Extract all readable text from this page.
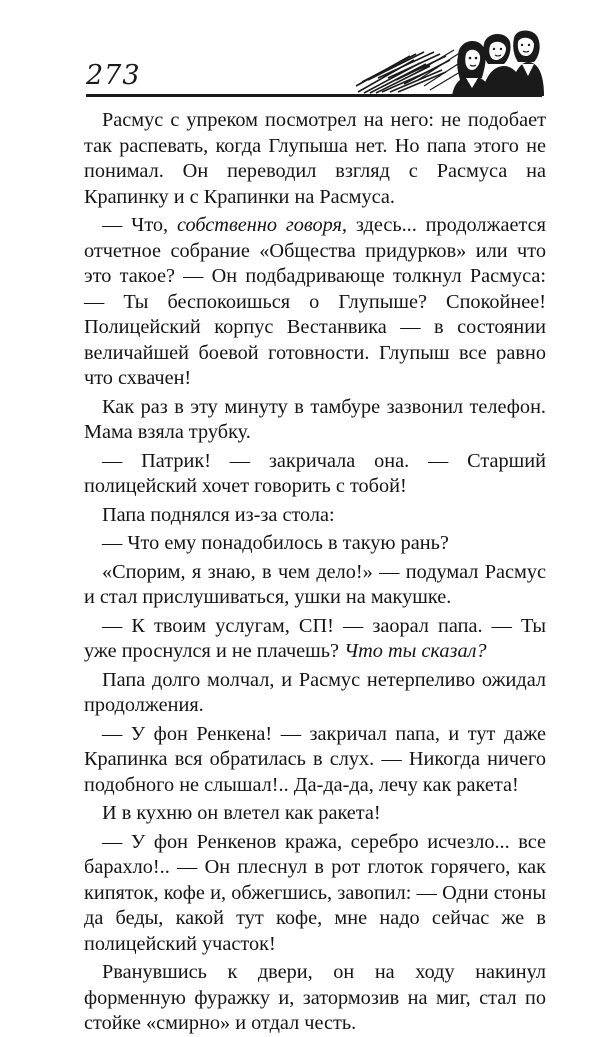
273

Расмус с упреком посмотрел на него: не подобает так распевать, когда Глупыша нет. Но папа этого не понимал. Он переводил взгляд с Расмуса на Крапинку и с Крапинки на Расмуса.

— Что, собственно говоря, здесь... продолжается отчетное собрание «Общества придурков» или что это такое? — Он подбадривающе толкнул Расмуса: — Ты беспокоишься о Глупыше? Спокойнее! Полицейский корпус Вестанвика — в состоянии величайшей боевой готовности. Глупыш все равно что схвачен!

Как раз в эту минуту в тамбуре зазвонил телефон. Мама взяла трубку.

— Патрик! — закричала она. — Старший полицейский хочет говорить с тобой!

Папа поднялся из-за стола:

— Что ему понадобилось в такую рань?

«Спорим, я знаю, в чем дело!» — подумал Расмус и стал прислушиваться, ушки на макушке.

— К твоим услугам, СП! — заорал папа. — Ты уже проснулся и не плачешь? Что ты сказал?

Папа долго молчал, и Расмус нетерпеливо ожидал продолжения.

— У фон Ренкена! — закричал папа, и тут даже Крапинка вся обратилась в слух. — Никогда ничего подобного не слышал!.. Да-да-да, лечу как ракета!

И в кухню он влетел как ракета!

— У фон Ренкенов кража, серебро исчезло... все барахло!.. — Он плеснул в рот глоток горячего, как кипяток, кофе и, обжегшись, завопил: — Одни стоны да беды, какой тут кофе, мне надо сейчас же в полицейский участок!

Рванувшись к двери, он на ходу накинул форменную фуражку и, затормозив на миг, стал по стойке «смирно» и отдал честь.
